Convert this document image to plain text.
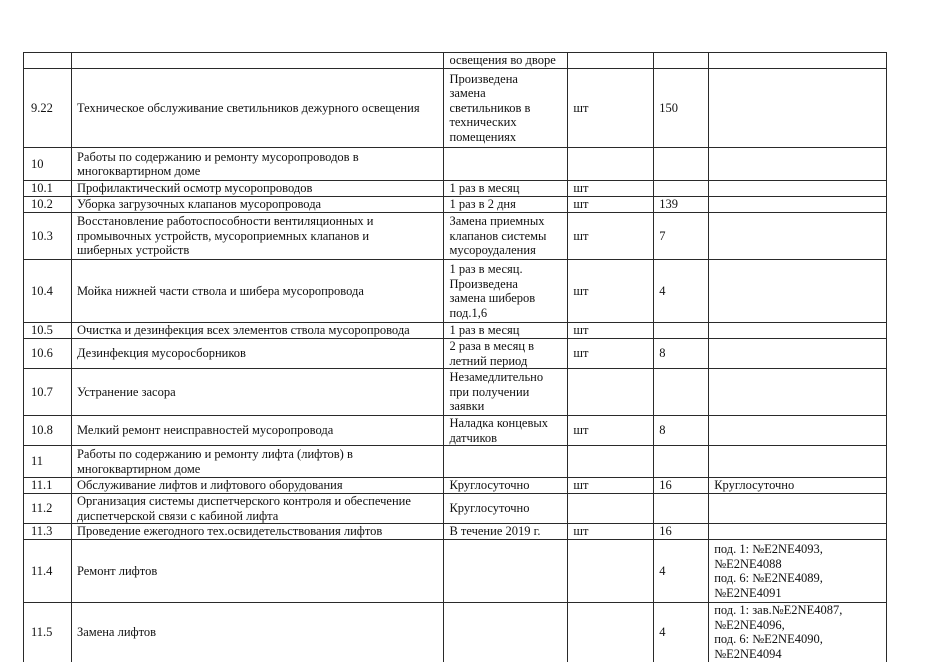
		освещения во дворе			
9.22	Техническое обслуживание светильников дежурного освещения	Произведена
замена
светильников в
технических
помещениях	шт	150	
10	Работы по содержанию и ремонту мусоропроводов в
многоквартирном доме				
10.1	Профилактический осмотр мусоропроводов	1 раз в месяц	шт		
10.2	Уборка загрузочных клапанов мусоропровода	1 раз в 2 дня	шт	139	
10.3	Восстановление работоспособности вентиляционных и
промывочных устройств, мусороприемных клапанов и
шиберных устройств	Замена приемных
клапанов системы
мусороудаления	шт	7	
10.4	Мойка нижней части ствола и шибера мусоропровода	1 раз в месяц.
Произведена
замена шиберов
под.1,6	шт	4	
10.5	Очистка и дезинфекция всех элементов ствола мусоропровода	1 раз в месяц	шт		
10.6	Дезинфекция мусоросборников	2 раза в месяц в
летний период	шт	8	
10.7	Устранение засора	Незамедлительно
при получении
заявки			
10.8	Мелкий ремонт неисправностей мусоропровода	Наладка концевых
датчиков	шт	8	
11	Работы по содержанию и ремонту лифта (лифтов) в
многоквартирном доме				
11.1	Обслуживание лифтов и лифтового оборудования	Круглосуточно	шт	16	Круглосуточно
11.2	Организация системы диспетчерского контроля и обеспечение
диспетчерской связи с кабиной лифта	Круглосуточно			
11.3	Проведение ежегодного тех.освидетельствования лифтов	В течение 2019 г.	шт	16	
11.4	Ремонт лифтов			4	под. 1: №E2NE4093,
№E2NE4088
под. 6: №E2NE4089,
№E2NE4091
11.5	Замена лифтов			4	под. 1: зав.№E2NE4087,
№E2NE4096,
под. 6: №E2NE4090,
№E2NE4094
